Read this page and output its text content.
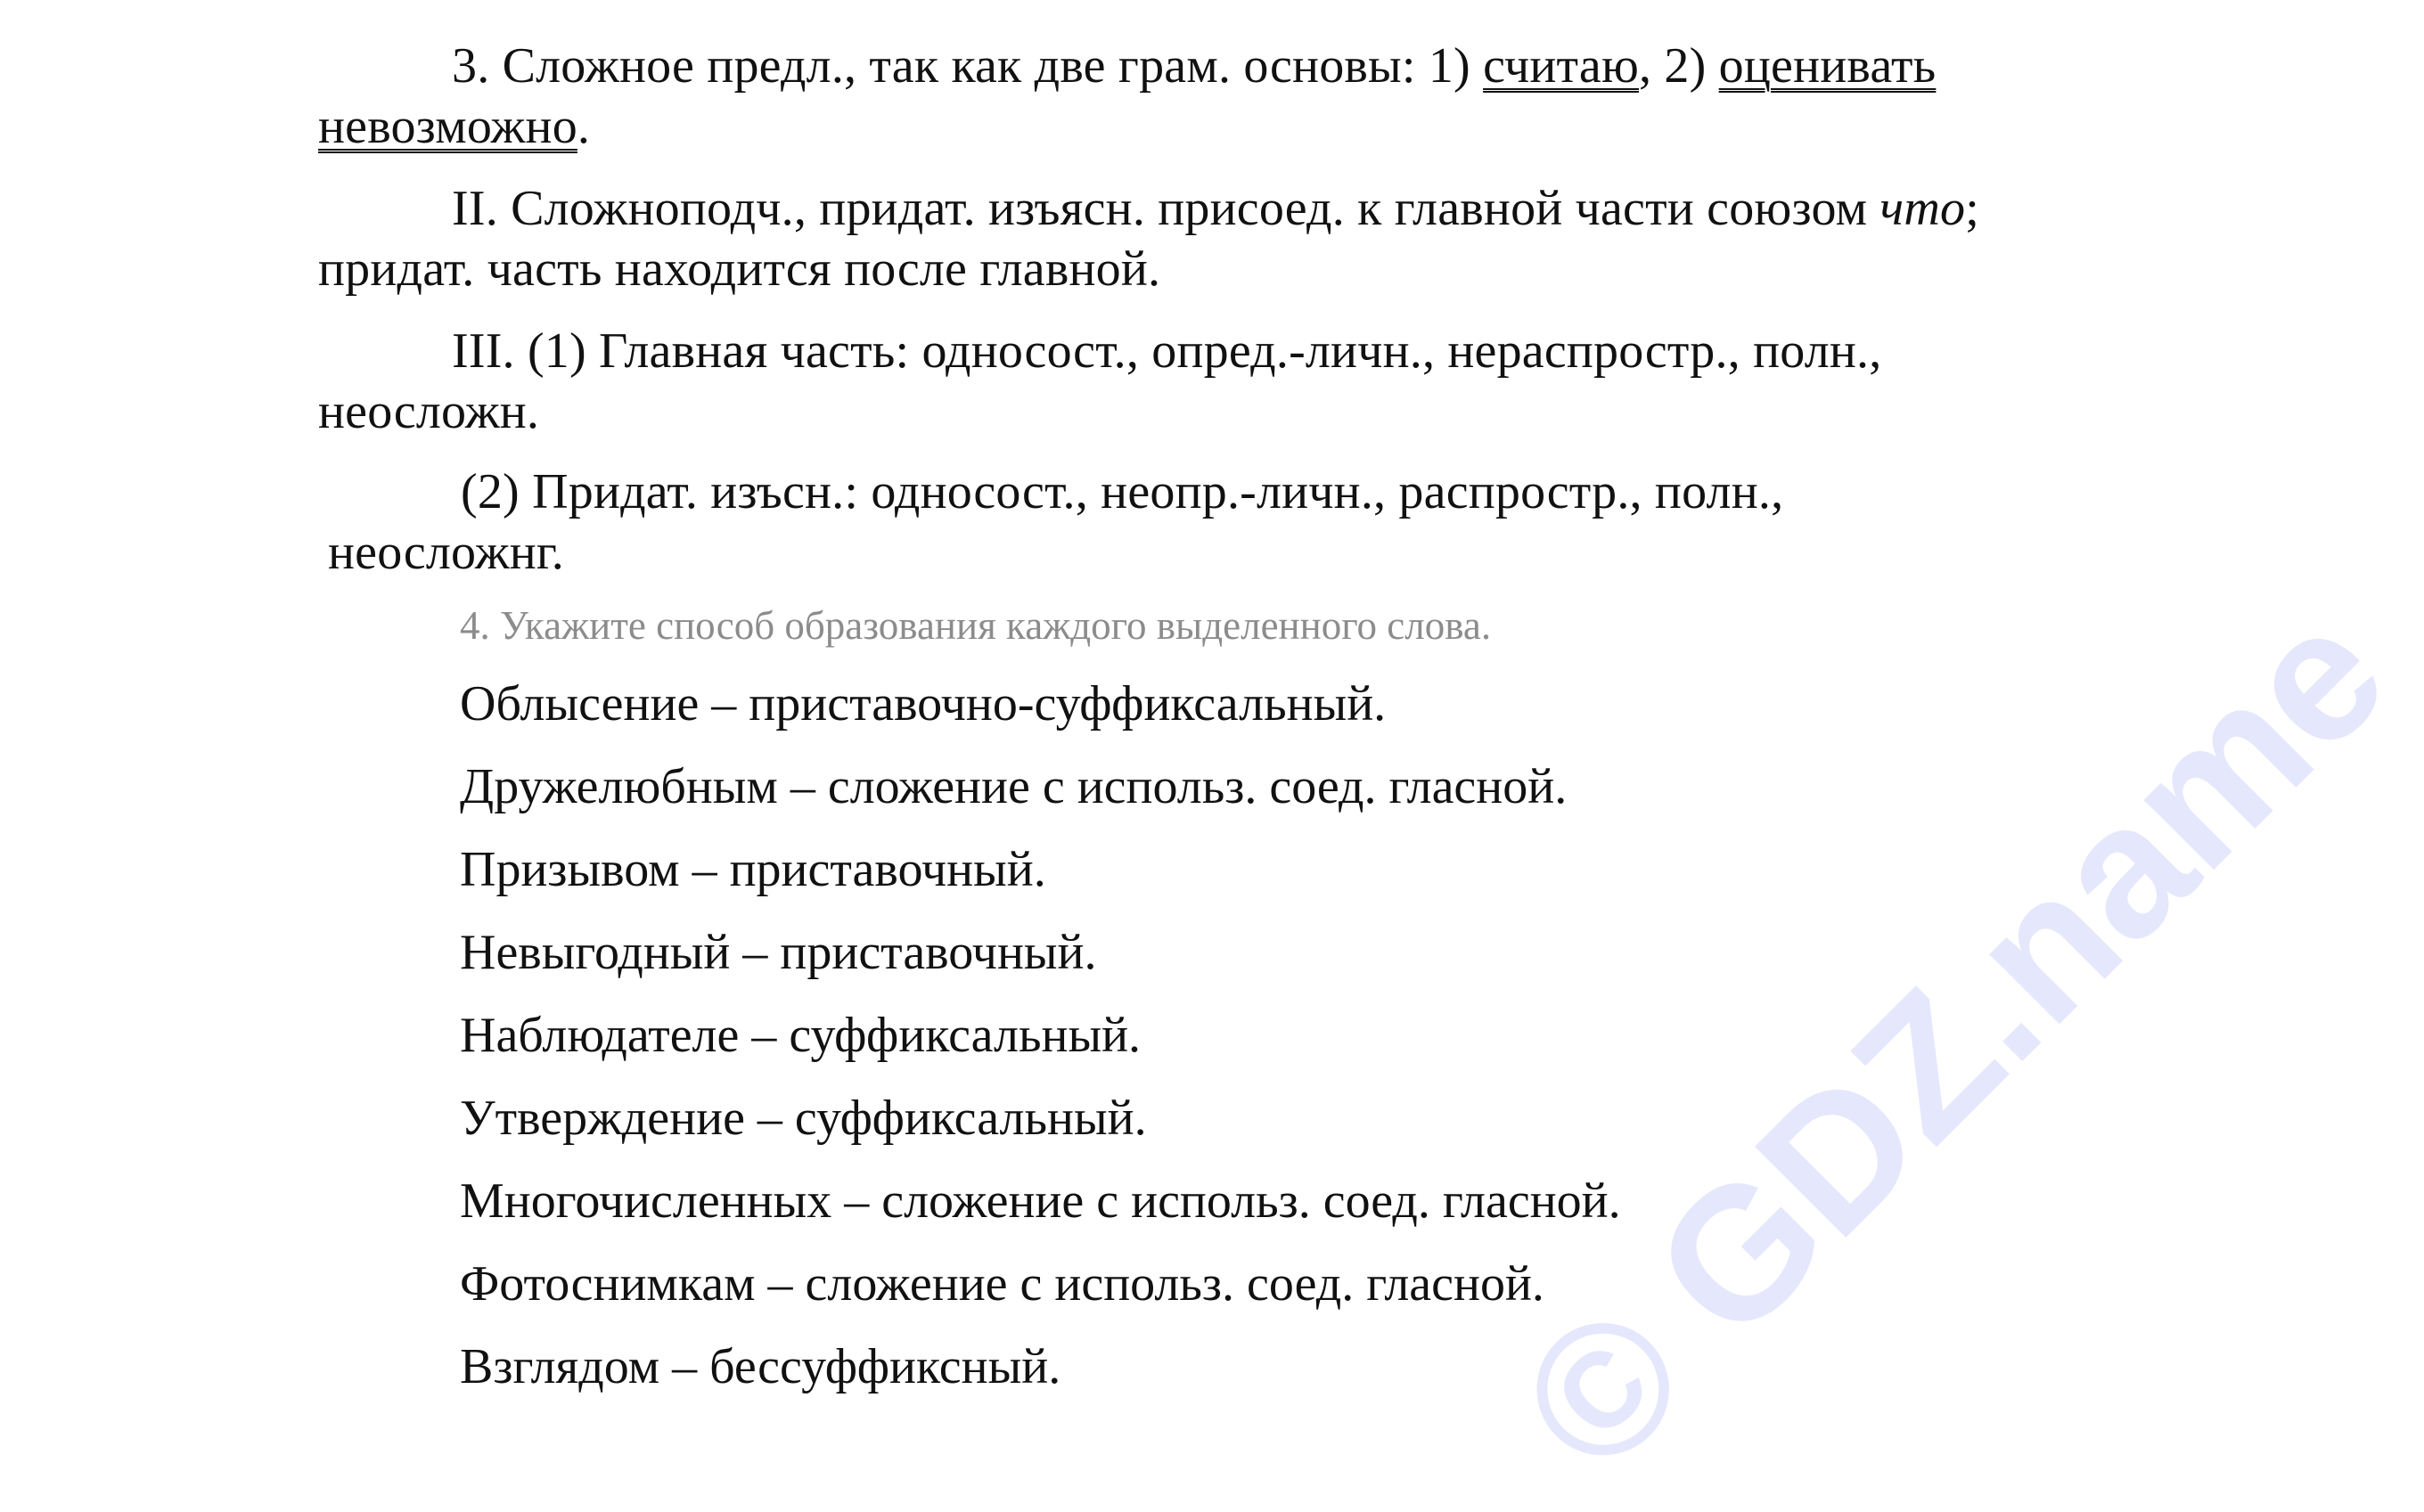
© GDZ.name
3. Сложное предл., так как две грам. основы: 1) считаю, 2) оценивать
невозможно.
II. Сложноподч., придат. изъясн. присоед. к главной части союзом что;
придат. часть находится после главной.
III. (1) Главная часть: односост., опред.-личн., нераспростр., полн.,
неосложн.
(2) Придат. изъсн.: односост., неопр.-личн., распростр., полн.,
неосложнг.
4. Укажите способ образования каждого выделенного слова.
Облысение – приставочно-суффиксальный.
Дружелюбным – сложение с использ. соед. гласной.
Призывом – приставочный.
Невыгодный – приставочный.
Наблюдателе – суффиксальный.
Утверждение – суффиксальный.
Многочисленных – сложение с использ. соед. гласной.
Фотоснимкам – сложение с использ. соед. гласной.
Взглядом – бессуффиксный.
